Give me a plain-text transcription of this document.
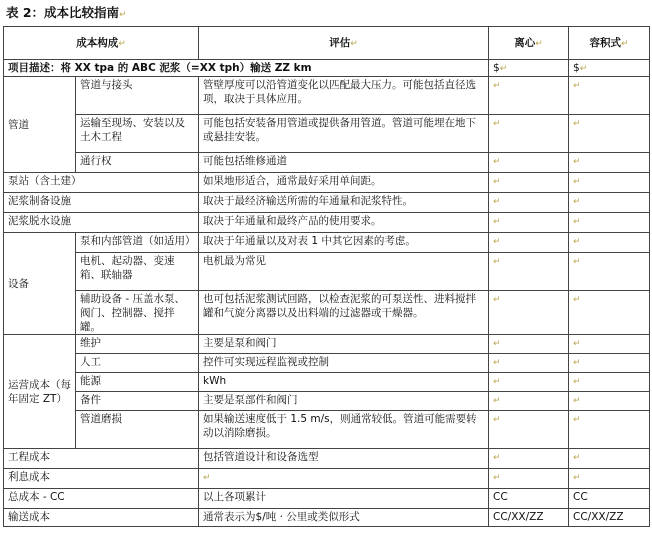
表 2：成本比较指南↵
成本构成↵		评估↵	离心↵	容积式↵
项目描述：将 XX tpa 的 ABC 泥浆（=XX tph）输送 ZZ km			$↵	$↵
管道	管道与接头	管壁厚度可以沿管道变化以匹配最大压力。可能包括直径选项，取决于具体应用。	↵	↵
	运输至现场、安装以及土木工程	可能包括安装备用管道或提供备用管道。管道可能埋在地下或悬挂安装。	↵	↵
	通行权	可能包括维修通道	↵	↵
泵站（含土建）		如果地形适合，通常最好采用单间距。	↵	↵
泥浆制备设施		取决于最经济输送所需的年通量和泥浆特性。	↵	↵
泥浆脱水设施		取决于年通量和最终产品的使用要求。	↵	↵
设备	泵和内部管道（如适用）	取决于年通量以及对表 1 中其它因素的考虑。	↵	↵
	电机、起动器、变速箱、联轴器	电机最为常见	↵	↵
	辅助设备 - 压盖水泵、阀门、控制器、搅拌罐。	也可包括泥浆测试回路，以检查泥浆的可泵送性、进料搅拌罐和气旋分离器以及出料端的过滤器或干燥器。	↵	↵
运营成本（每年固定 ZT）	维护	主要是泵和阀门	↵	↵
	人工	控件可实现远程监视或控制	↵	↵
	能源	kWh	↵	↵
	备件	主要是泵部件和阀门	↵	↵
	管道磨损	如果输送速度低于 1.5 m/s，则通常较低。管道可能需要转动以消除磨损。	↵	↵
工程成本		包括管道设计和设备选型	↵	↵
利息成本		↵	↵	↵
总成本 - CC		以上各项累计	CC	CC
输送成本		通常表示为$/吨 · 公里或类似形式	CC/XX/ZZ	CC/XX/ZZ
